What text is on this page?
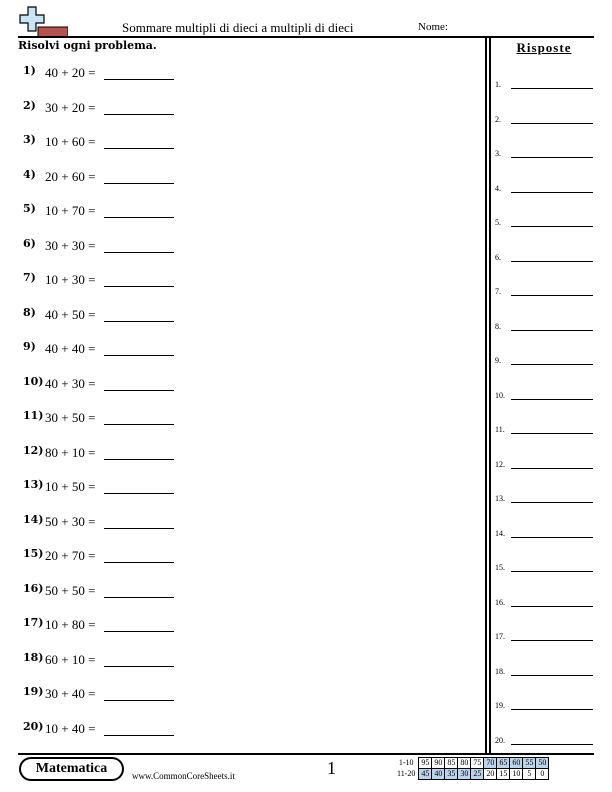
Sommare multipli di dieci a multipli di dieci	Nome:
Risolvi ogni problema.
1) 40 + 20 =
2) 30 + 20 =
3) 10 + 60 =
4) 20 + 60 =
5) 10 + 70 =
6) 30 + 30 =
7) 10 + 30 =
8) 40 + 50 =
9) 40 + 40 =
10) 40 + 30 =
11) 30 + 50 =
12) 80 + 10 =
13) 10 + 50 =
14) 50 + 30 =
15) 20 + 70 =
16) 50 + 50 =
17) 10 + 80 =
18) 60 + 10 =
19) 30 + 40 =
20) 10 + 40 =
Risposte
1.
2.
3.
4.
5.
6.
7.
8.
9.
10.
11.
12.
13.
14.
15.
16.
17.
18.
19.
20.
Matematica	www.CommonCoreSheets.it	1	1-10	95	90	85	80	75	70	65	60	55	50
11-20	45	40	35	30	25	20	15	10	5	0
